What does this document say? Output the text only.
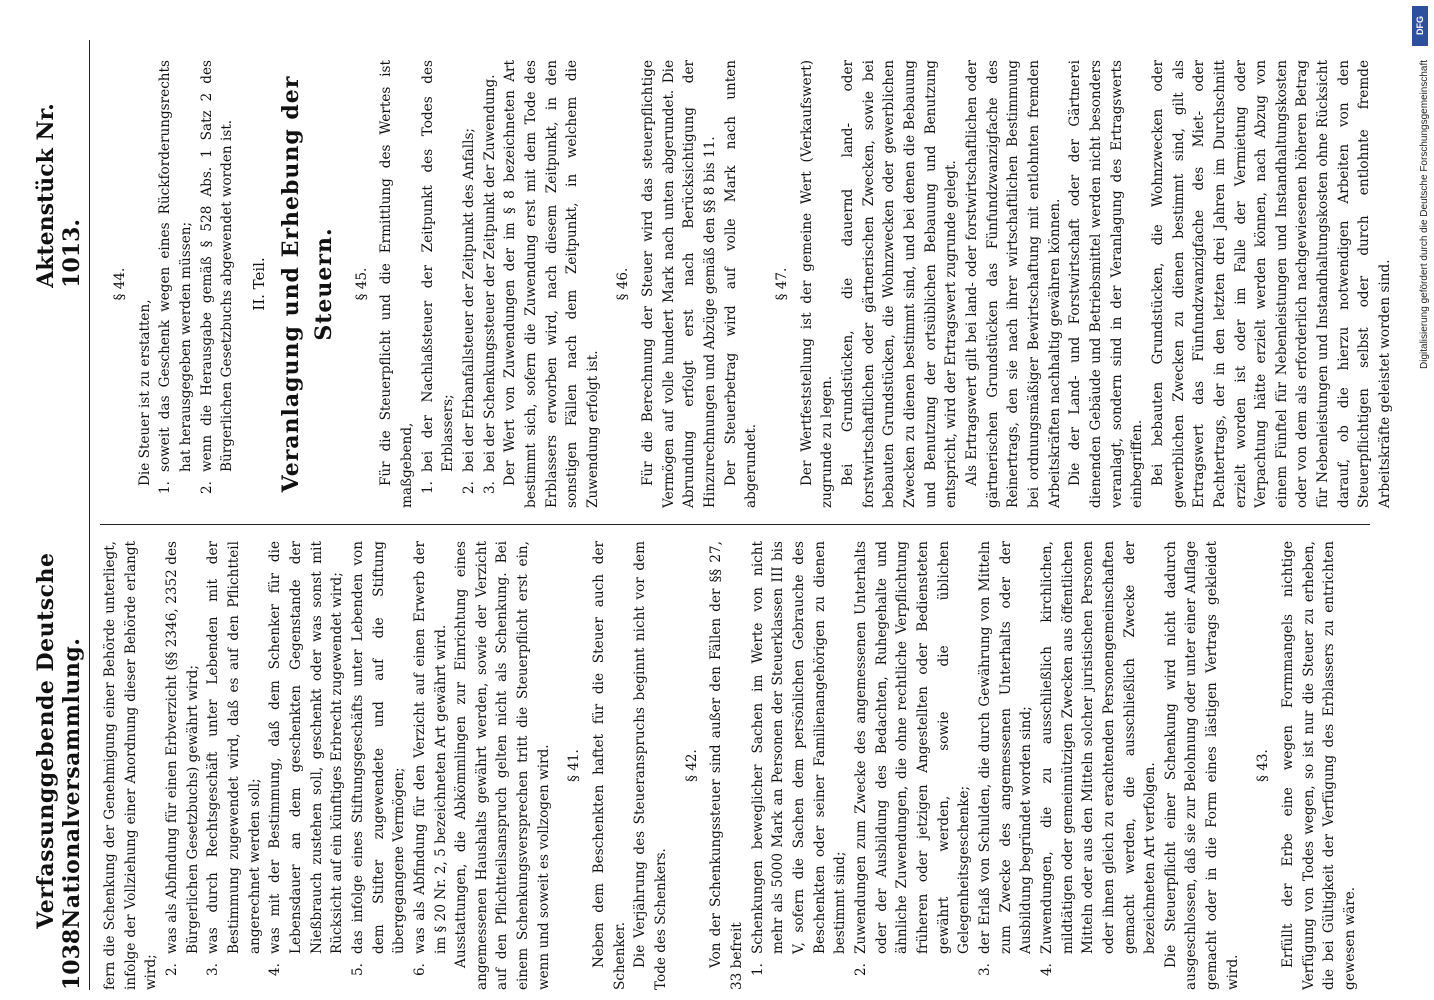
DFG
Digitalisierung gefördert durch die Deutsche Forschungsgemeinschaft
1038
Verfassunggebende Deutsche Nationalversammlung.
Aktenstück Nr. 1013.

fern die Schenkung der Genehmigung einer Behörde unterliegt, infolge der Vollziehung einer Anordnung dieser Behörde erlangt wird; 2.was als Abfindung für einen Erbverzicht (§§ 2346, 2352 des Bürgerlichen Gesetzbuchs) gewährt wird;

3.was durch Rechtsgeschäft unter Lebenden mit der Bestimmung zugewendet wird, daß es auf den Pflichtteil angerechnet werden soll;

4.was mit der Bestimmung, daß dem Schenker für die Lebensdauer an dem geschenkten Gegenstande der Nießbrauch zustehen soll, geschenkt oder was sonst mit Rücksicht auf ein künftiges Erbrecht zugewendet wird;

5.das infolge eines Stiftungsgeschäfts unter Lebenden von dem Stifter zugewendete und auf die Stiftung übergegangene Vermögen;

6.was als Abfindung für den Verzicht auf einen Erwerb der im § 20 Nr. 2, 5 bezeichneten Art gewährt wird. Ausstattungen, die Abkömmlingen zur Einrichtung eines angemessenen Haushalts gewährt werden, sowie der Verzicht auf den Pflichtteilsanspruch gelten nicht als Schenkung. Bei einem Schenkungsversprechen tritt die Steuerpflicht erst ein, wenn und soweit es vollzogen wird. § 41. Neben dem Beschenkten haftet für die Steuer auch der Schenker. Die Verjährung des Steueranspruchs beginnt nicht vor dem Tode des Schenkers.

§ 42. Von der Schenkungssteuer sind außer den Fällen der §§ 27, 33 befreit 1.Schenkungen beweglicher Sachen im Werte von nicht mehr als 5000 Mark an Personen der Steuerklassen III bis V, sofern die Sachen dem persönlichen Gebrauche des Beschenkten oder seiner Familienangehörigen zu dienen bestimmt sind;

2.Zuwendungen zum Zwecke des angemessenen Unterhalts oder der Ausbildung des Bedachten, Ruhegehalte und ähnliche Zuwendungen, die ohne rechtliche Verpflichtung früheren oder jetzigen Angestellten oder Bediensteten gewährt werden, sowie die üblichen Gelegenheitsgeschenke;

3.der Erlaß von Schulden, die durch Gewährung von Mitteln zum Zwecke des angemessenen Unterhalts oder der Ausbildung begründet worden sind;

4.Zuwendungen, die zu ausschließlich kirchlichen, mildtätigen oder gemeinnützigen Zwecken aus öffentlichen Mitteln oder aus den Mitteln solcher juristischen Personen oder ihnen gleich zu erachtenden Personengemeinschaften gemacht werden, die ausschließlich Zwecke der bezeichneten Art verfolgen. Die Steuerpflicht einer Schenkung wird nicht dadurch ausgeschlossen, daß sie zur Belohnung oder unter einer Auflage gemacht oder in die Form eines lästigen Vertrags gekleidet wird.

§ 43. Erfüllt der Erbe eine wegen Formmangels nichtige Verfügung von Todes wegen, so ist nur die Steuer zu erheben, die bei Gültigkeit der Verfügung des Erblassers zu entrichten gewesen wäre.

§ 44.

Die Steuer ist zu erstatten,

1.soweit das Geschenk wegen eines Rückforderungsrechts hat herausgegeben werden müssen;

2.wenn die Herausgabe gemäß § 528 Abs. 1 Satz 2 des Bürgerlichen Gesetzbuchs abgewendet worden ist. II. Teil. Veranlagung und Erhebung der Steuern.	§ 45. Für die Steuerpflicht und die Ermittlung des Wertes ist maßgebend, 1.bei der Nachlaßsteuer der Zeitpunkt des Todes des Erblassers;

2.bei der Erbanfallsteuer der Zeitpunkt des Anfalls;

3.bei der Schenkungssteuer der Zeitpunkt der Zuwendung. Der Wert von Zuwendungen der im § 8 bezeichneten Art bestimmt sich, sofern die Zuwendung erst mit dem Tode des Erblassers erworben wird, nach diesem Zeitpunkt, in den sonstigen Fällen nach dem Zeitpunkt, in welchem die Zuwendung erfolgt ist.

§ 46. Für die Berechnung der Steuer wird das steuerpflichtige Vermögen auf volle hundert Mark nach unten abgerundet. Die Abrundung erfolgt erst nach Berücksichtigung der Hinzurechnungen und Abzüge gemäß den §§ 8 bis 11. Der Steuerbetrag wird auf volle Mark nach unten abgerundet.

§ 47. Der Wertfeststellung ist der gemeine Wert (Verkaufswert) zugrunde zu legen. Bei Grundstücken, die dauernd land- oder forstwirtschaftlichen oder gärtnerischen Zwecken, sowie bei bebauten Grundstücken, die Wohnzwecken oder gewerblichen Zwecken zu dienen bestimmt sind, und bei denen die Bebauung und Benutzung der ortsüblichen Bebauung und Benutzung entspricht, wird der Ertragswert zugrunde gelegt. Als Ertragswert gilt bei land- oder forstwirtschaftlichen oder gärtnerischen Grundstücken das Fünfundzwanzigfache des Reinertrags, den sie nach ihrer wirtschaftlichen Bestimmung bei ordnungsmäßiger Bewirtschaftung mit entlohnten fremden Arbeitskräften nachhaltig gewähren können. Die der Land- und Forstwirtschaft oder der Gärtnerei dienenden Gebäude und Betriebsmittel werden nicht besonders veranlagt, sondern sind in der Veranlagung des Ertragswerts einbegriffen. Bei bebauten Grundstücken, die Wohnzwecken oder gewerblichen Zwecken zu dienen bestimmt sind, gilt als Ertragswert das Fünfundzwanzigfache des Miet- oder Pachtertrags, der in den letzten drei Jahren im Durchschnitt erzielt worden ist oder im Falle der Vermietung oder Verpachtung hätte erzielt werden können, nach Abzug von einem Fünftel für Nebenleistungen und Instandhaltungskosten oder von dem als erforderlich nachgewiesenen höheren Betrag für Nebenleistungen und Instandhaltungskosten ohne Rücksicht darauf, ob die hierzu notwendigen Arbeiten von den Steuerpflichtigen selbst oder durch entlohnte fremde Arbeitskräfte geleistet worden sind.
